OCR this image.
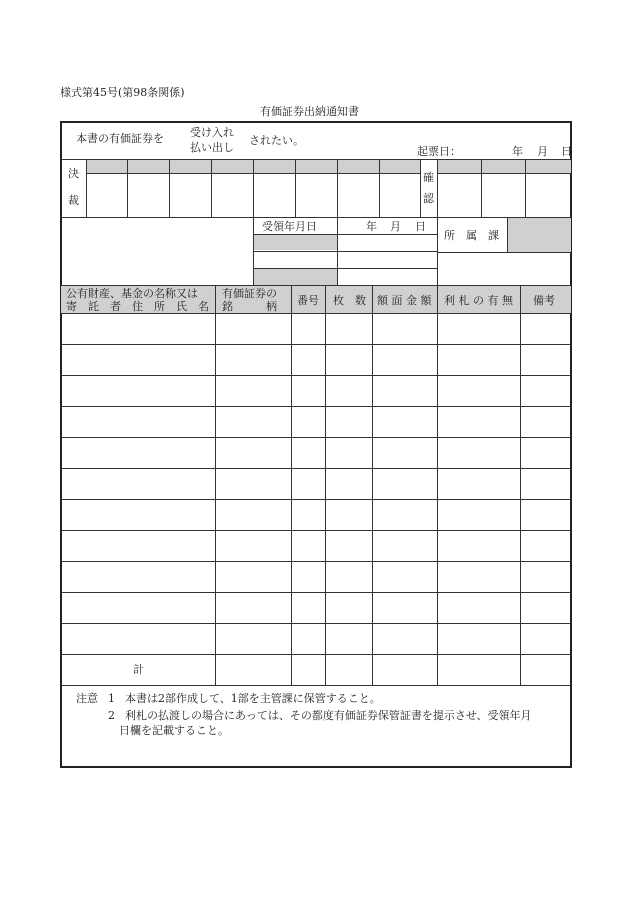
様式第45号(第98条関係)
有価証券出納通知書
本書の有価証券を 受け入れ
払い出し
されたい。
起票日：	年 月 日
決
裁
確
認
受領年月日	年 月 日
所　属　課
公有財産、基金の名称又は
寄　託　者　住　所　氏　名
有価証券の
銘　　　柄 番号 枚　数 額 面 金 額 利 札 の 有 無 備考
計
注意 1 本書は2部作成して、1部を主管課に保管すること。
2 利札の払渡しの場合にあっては、その都度有価証券保管証書を提示させ、受領年月
日欄を記載すること。
